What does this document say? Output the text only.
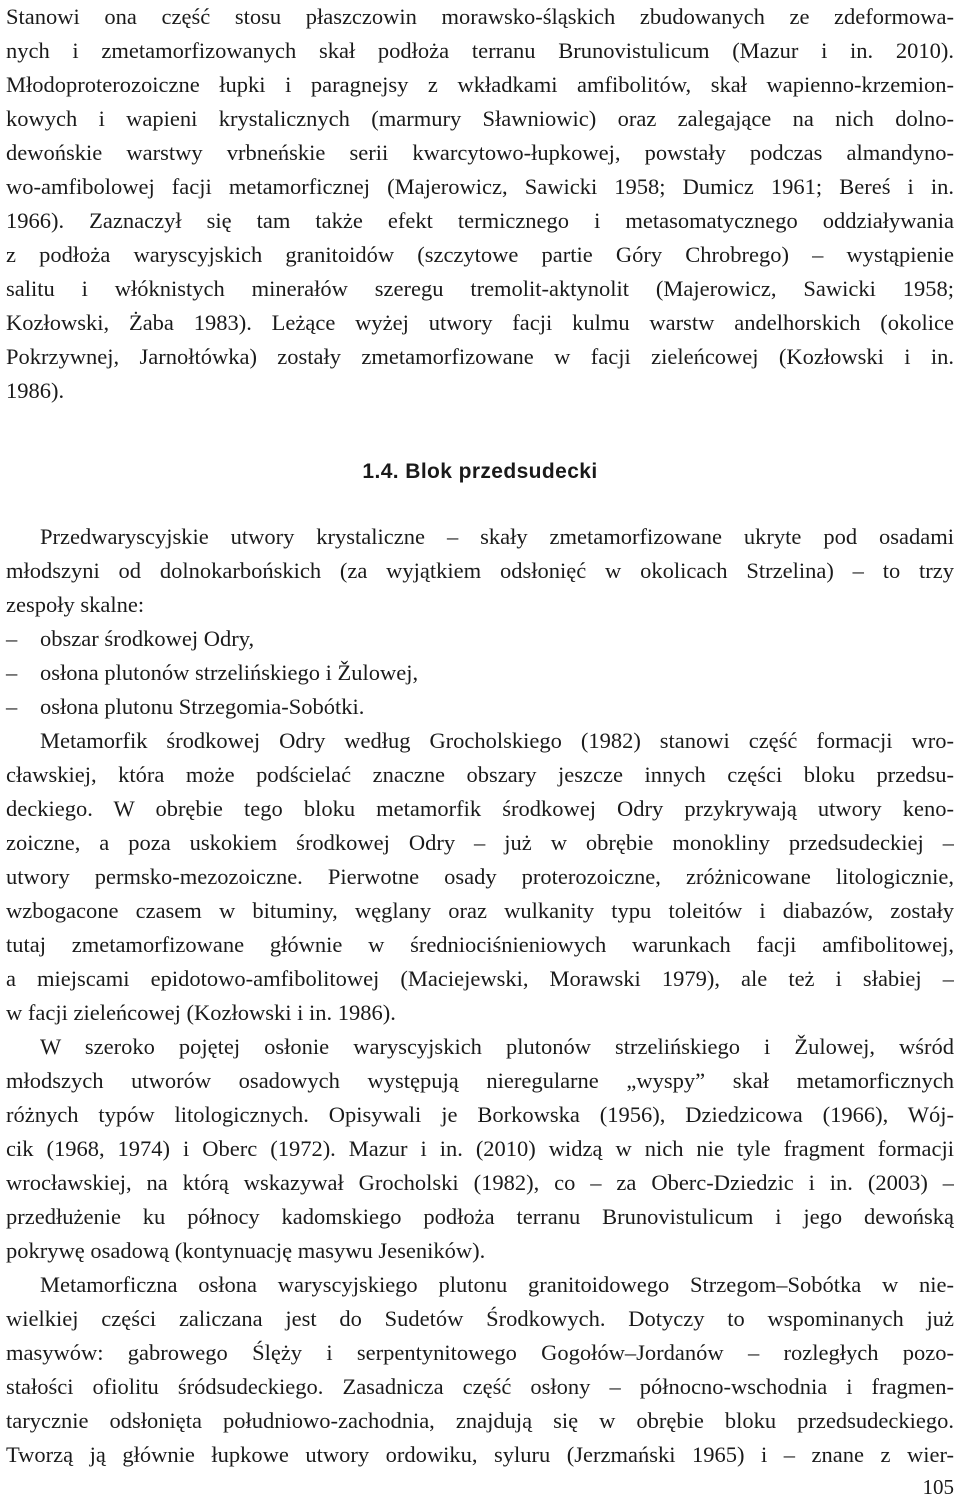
Stanowi ona część stosu płaszczowin morawsko-śląskich zbudowanych ze zdeformowa-
nych i zmetamorfizowanych skał podłoża terranu Brunovistulicum (Mazur i in. 2010).
Młodoproterozoiczne łupki i paragnejsy z wkładkami amfibolitów, skał wapienno-krzemion-
kowych i wapieni krystalicznych (marmury Sławniowic) oraz zalegające na nich dolno-
dewońskie warstwy vrbneńskie serii kwarcytowo-łupkowej, powstały podczas almandyno-
wo-amfibolowej facji metamorficznej (Majerowicz, Sawicki 1958; Dumicz 1961; Bereś i in.
1966). Zaznaczył się tam także efekt termicznego i metasomatycznego oddziaływania
z podłoża waryscyjskich granitoidów (szczytowe partie Góry Chrobrego) – wystąpienie
salitu i włóknistych minerałów szeregu tremolit-aktynolit (Majerowicz, Sawicki 1958;
Kozłowski, Żaba 1983). Leżące wyżej utwory facji kulmu warstw andelhorskich (okolice
Pokrzywnej, Jarnołtówka) zostały zmetamorfizowane w facji zieleńcowej (Kozłowski i in.
1986).
1.4. Blok przedsudecki
Przedwaryscyjskie utwory krystaliczne – skały zmetamorfizowane ukryte pod osadami
młodszyni od dolnokarbońskich (za wyjątkiem odsłonięć w okolicach Strzelina) – to trzy
zespoły skalne:
– obszar środkowej Odry,
– osłona plutonów strzelińskiego i Žulowej,
– osłona plutonu Strzegomia-Sobótki.
Metamorfik środkowej Odry według Grocholskiego (1982) stanowi część formacji wro-
cławskiej, która może podścielać znaczne obszary jeszcze innych części bloku przedsu-
deckiego. W obrębie tego bloku metamorfik środkowej Odry przykrywają utwory keno-
zoiczne, a poza uskokiem środkowej Odry – już w obrębie monokliny przedsudeckiej –
utwory permsko-mezozoiczne. Pierwotne osady proterozoiczne, zróżnicowane litologicznie,
wzbogacone czasem w bituminy, węglany oraz wulkanity typu toleitów i diabazów, zostały
tutaj zmetamorfizowane głównie w średniociśnieniowych warunkach facji amfibolitowej,
a miejscami epidotowo-amfibolitowej (Maciejewski, Morawski 1979), ale też i słabiej –
w facji zieleńcowej (Kozłowski i in. 1986).
W szeroko pojętej osłonie waryscyjskich plutonów strzelińskiego i Žulowej, wśród
młodszych utworów osadowych występują nieregularne „wyspy” skał metamorficznych
różnych typów litologicznych. Opisywali je Borkowska (1956), Dziedzicowa (1966), Wój-
cik (1968, 1974) i Oberc (1972). Mazur i in. (2010) widzą w nich nie tyle fragment formacji
wrocławskiej, na którą wskazywał Grocholski (1982), co – za Oberc-Dziedzic i in. (2003) –
przedłużenie ku północy kadomskiego podłoża terranu Brunovistulicum i jego dewońską
pokrywę osadową (kontynuację masywu Jeseników).
Metamorficzna osłona waryscyjskiego plutonu granitoidowego Strzegom–Sobótka w nie-
wielkiej części zaliczana jest do Sudetów Środkowych. Dotyczy to wspominanych już
masywów: gabrowego Ślęży i serpentynitowego Gogołów–Jordanów – rozległych pozo-
stałości ofiolitu śródsudeckiego. Zasadnicza część osłony – północno-wschodnia i fragmen-
tarycznie odsłonięta południowo-zachodnia, znajdują się w obrębie bloku przedsudeckiego.
Tworzą ją głównie łupkowe utwory ordowiku, syluru (Jerzmański 1965) i – znane z wier-
105
